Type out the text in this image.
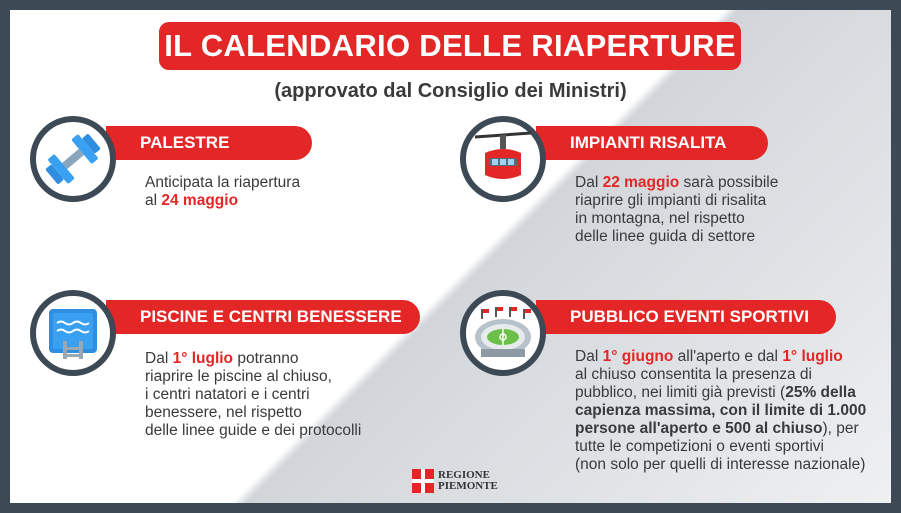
IL CALENDARIO DELLE RIAPERTURE
(approvato dal Consiglio dei Ministri)
PALESTRE
Anticipata la riapertura
al 24 maggio
IMPIANTI RISALITA
Dal 22 maggio sarà possibile
riaprire gli impianti di risalita
in montagna, nel rispetto
delle linee guida di settore
PISCINE E CENTRI BENESSERE
Dal 1° luglio potranno
riaprire le piscine al chiuso,
i centri natatori e i centri
benessere, nel rispetto
delle linee guide e dei protocolli
PUBBLICO EVENTI SPORTIVI
Dal 1° giugno all'aperto e dal 1° luglio
al chiuso consentita la presenza di
pubblico, nei limiti già previsti (25% della
capienza massima, con il limite di 1.000
persone all'aperto e 500 al chiuso), per
tutte le competizioni o eventi sportivi
(non solo per quelli di interesse nazionale)
REGIONE
PIEMONTE
